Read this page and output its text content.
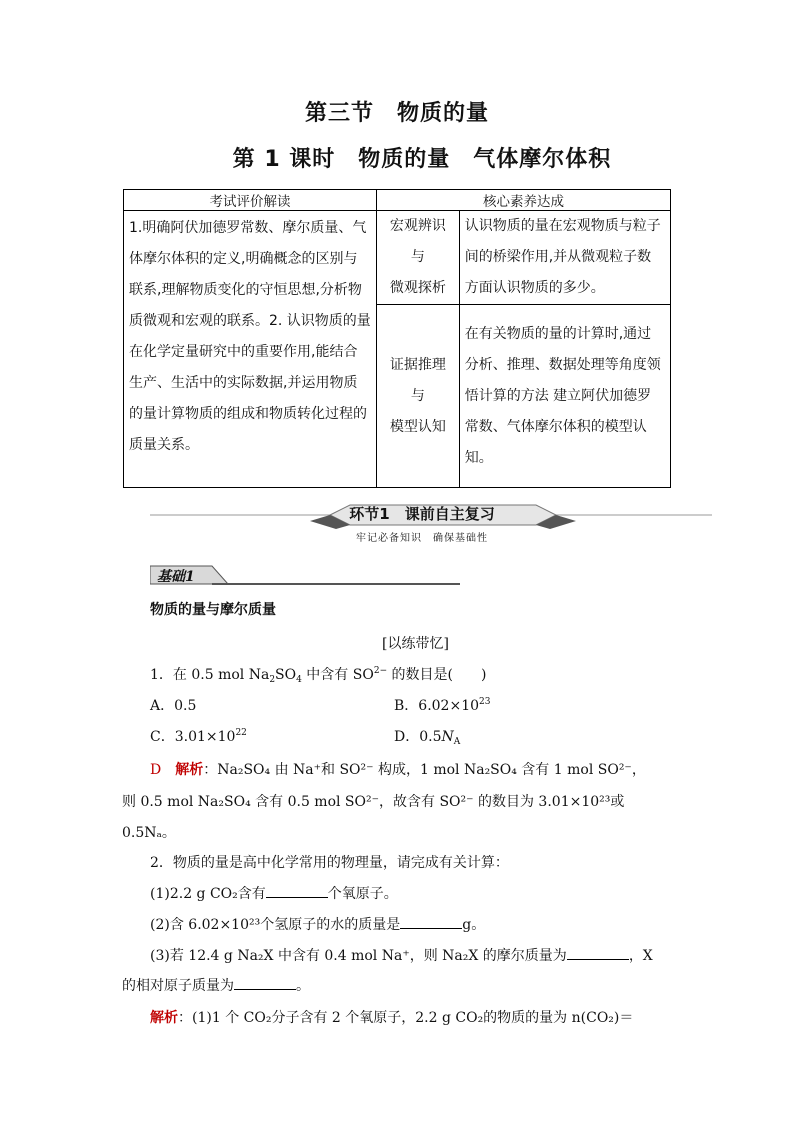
第三节　物质的量
第 1 课时　物质的量　气体摩尔体积
考试评价解读	核心素养达成	
1.明确阿伏加德罗常数、摩尔质量、气体摩尔体积的定义,明确概念的区别与联系,理解物质变化的守恒思想,分析物质微观和宏观的联系。2. 认识物质的量在化学定量研究中的重要作用,能结合生产、生活中的实际数据,并运用物质的量计算物质的组成和物质转化过程的质量关系。	宏观辨识
与
微观探析	认识物质的量在宏观物质与粒子间的桥梁作用,并从微观粒子数方面认识物质的多少。
	证据推理
与
模型认知	在有关物质的量的计算时,通过分析、推理、数据处理等角度领悟计算的方法 建立阿伏加德罗常数、气体摩尔体积的模型认知。
环节1　课前自主复习
牢记必备知识　确保基础性
基础1
物质的量与摩尔质量
[以练带忆]
1．在 0.5 mol $Na_2SO_4$ 中含有 $SO^{2-}$ 的数目是(　　)
A．0.5	B．$6.02\times 10^{23}$
C．$3.01\times 10^{22}$	D．$0.5N_A$
D　 解析：Na₂SO₄ 由 Na⁺和 SO²⁻ 构成，1 mol Na₂SO₄ 含有 1 mol SO²⁻，
则 0.5 mol Na₂SO₄ 含有 0.5 mol SO²⁻，故含有 SO²⁻ 的数目为 3.01×10²³或
0.5Nₐ。
2．物质的量是高中化学常用的物理量，请完成有关计算：
(1)2.2 g CO₂含有	个氧原子。
(2)含 6.02×10²³个氢原子的水的质量是	g。
(3)若 12.4 g Na₂X 中含有 0.4 mol Na⁺，则 Na₂X 的摩尔质量为	，X
的相对原子质量为	。
解析：(1)1 个 CO₂分子含有 2 个氧原子，2.2 g CO₂的物质的量为 n(CO₂)＝
